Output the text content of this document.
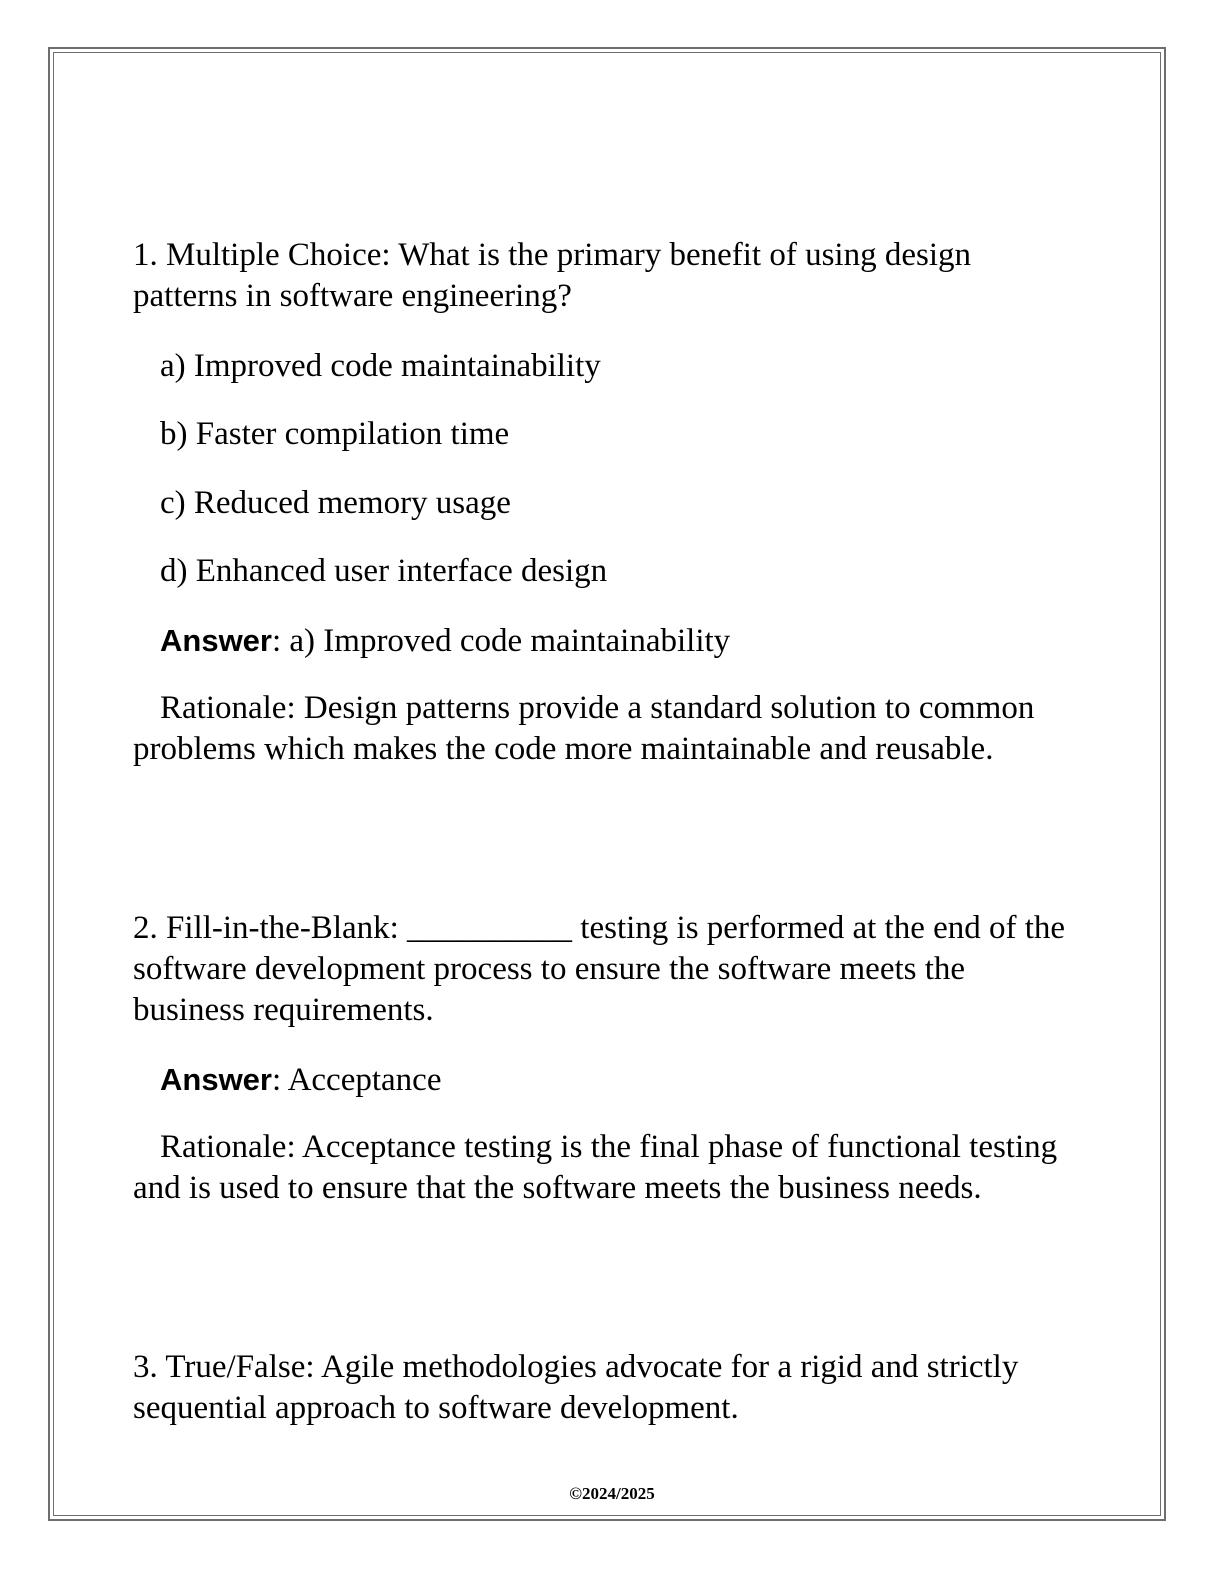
1. Multiple Choice: What is the primary benefit of using design patterns in software engineering?
a) Improved code maintainability
b) Faster compilation time
c) Reduced memory usage
d) Enhanced user interface design
Answer: a) Improved code maintainability
Rationale: Design patterns provide a standard solution to common problems which makes the code more maintainable and reusable.
2. Fill-in-the-Blank: __________ testing is performed at the end of the software development process to ensure the software meets the business requirements.
Answer: Acceptance
Rationale: Acceptance testing is the final phase of functional testing and is used to ensure that the software meets the business needs.
3. True/False: Agile methodologies advocate for a rigid and strictly sequential approach to software development.
©2024/2025
